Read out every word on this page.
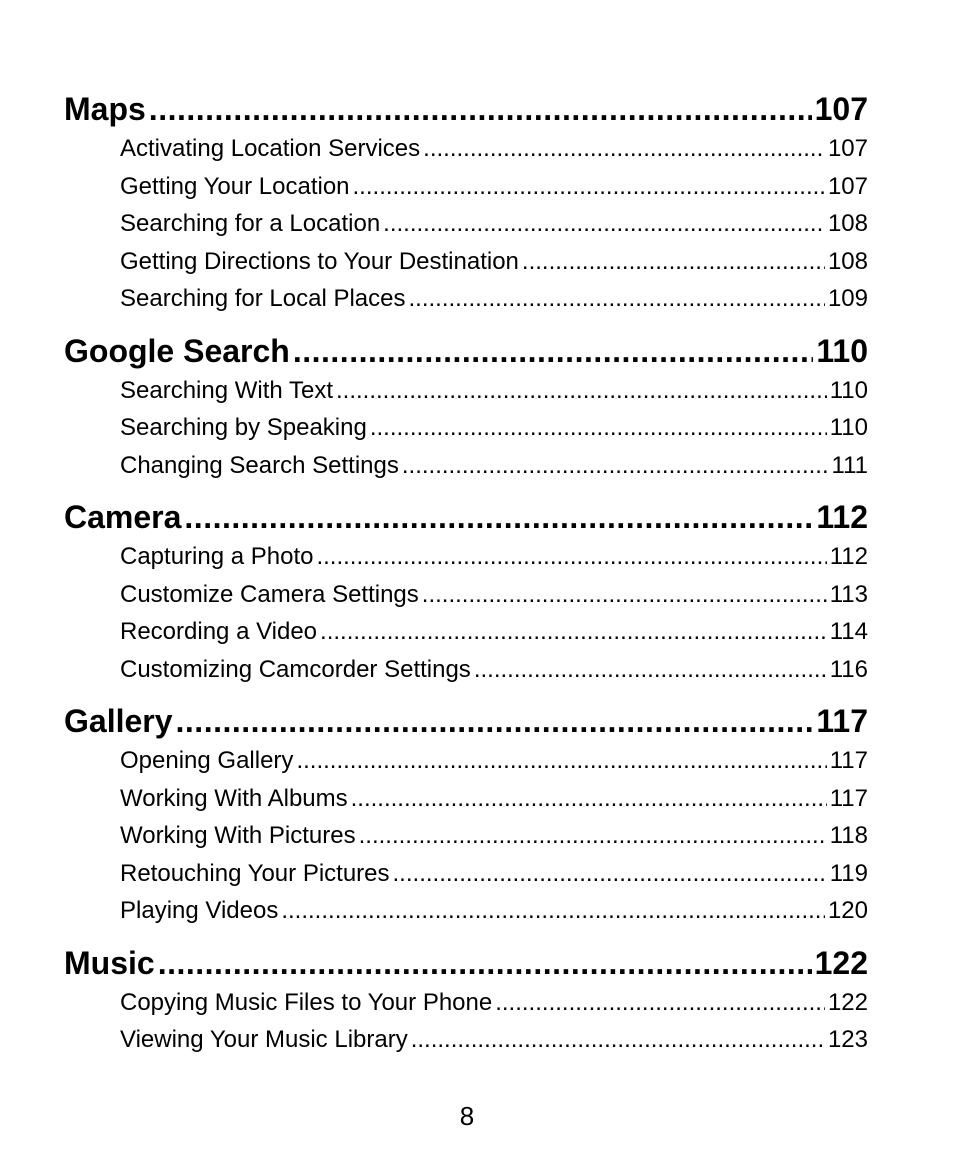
Maps .....	107
Activating Location Services .....	107
Getting Your Location .....	107
Searching for a Location .....	108
Getting Directions to Your Destination .....	108
Searching for Local Places .....	109
Google Search .....	110
Searching With Text .....	110
Searching by Speaking .....	110
Changing Search Settings .....	111
Camera .....	112
Capturing a Photo .....	112
Customize Camera Settings .....	113
Recording a Video .....	114
Customizing Camcorder Settings .....	116
Gallery .....	117
Opening Gallery .....	117
Working With Albums .....	117
Working With Pictures .....	118
Retouching Your Pictures .....	119
Playing Videos .....	120
Music .....	122
Copying Music Files to Your Phone .....	122
Viewing Your Music Library .....	123
8
